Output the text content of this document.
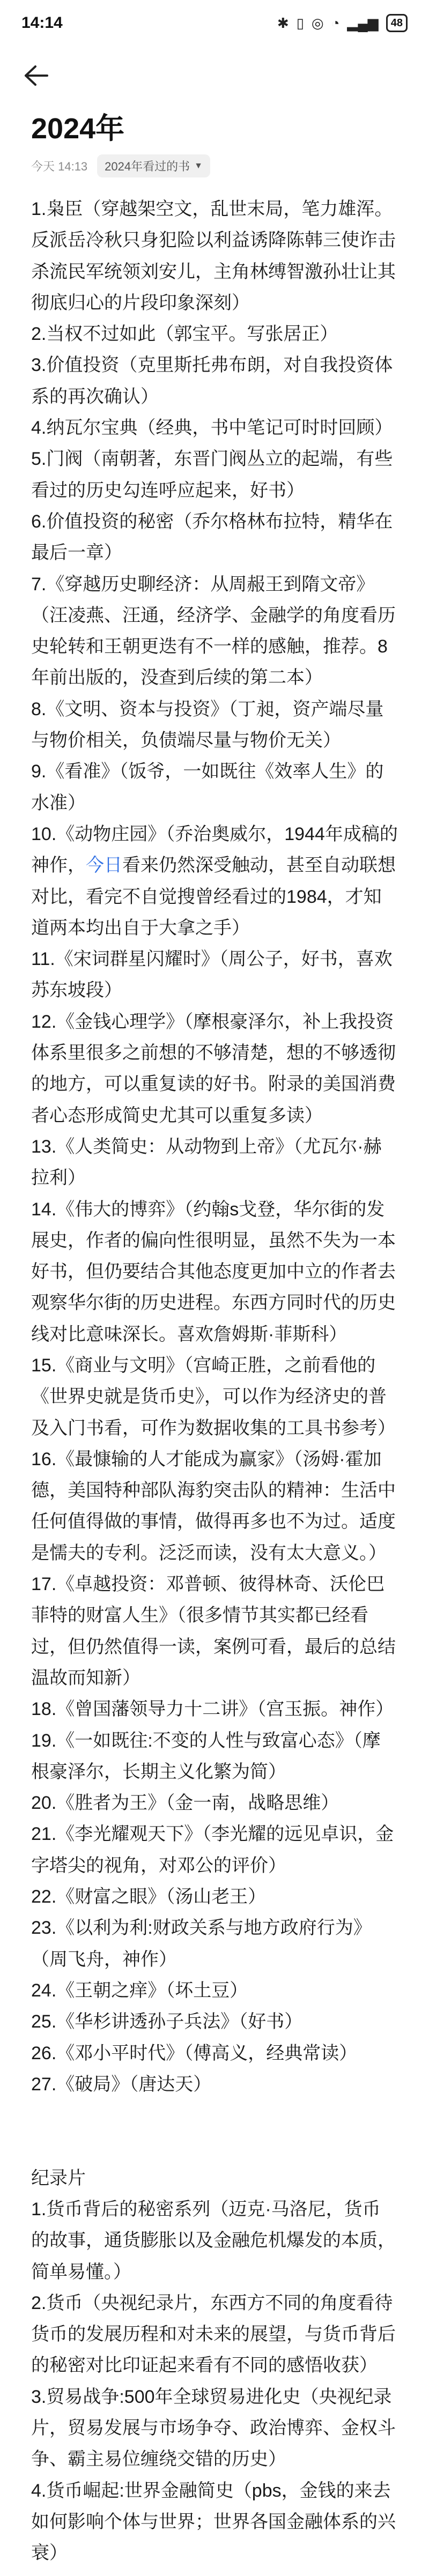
14:14	✱ ▯ ◎ ◔ ▂▄▆ 48
2024年
今天 14:13 2024年看过的书 ▼

1.枭臣（穿越架空文，乱世末局，笔力雄浑。反派岳冷秋只身犯险以利益诱降陈韩三使诈击杀流民军统领刘安儿，主角林缚智激孙壮让其彻底归心的片段印象深刻）

2.当权不过如此（郭宝平。写张居正）

3.价值投资（克里斯托弗布朗，对自我投资体系的再次确认）

4.纳瓦尔宝典（经典，书中笔记可时时回顾）

5.门阀（南朝著，东晋门阀丛立的起端，有些看过的历史勾连呼应起来，好书）

6.价值投资的秘密（乔尔格林布拉特，精华在最后一章）

7.《穿越历史聊经济：从周赧王到隋文帝》（汪凌燕、汪通，经济学、金融学的角度看历史轮转和王朝更迭有不一样的感触，推荐。8年前出版的，没查到后续的第二本）

8.《文明、资本与投资》（丁昶，资产端尽量与物价相关，负债端尽量与物价无关）

9.《看准》（饭爷，一如既往《效率人生》的水准）

10.《动物庄园》（乔治奥威尔，1944年成稿的神作，今日看来仍然深受触动，甚至自动联想对比，看完不自觉搜曾经看过的1984，才知道两本均出自于大拿之手）

11.《宋词群星闪耀时》（周公子，好书，喜欢苏东坡段）

12.《金钱心理学》（摩根豪泽尔，补上我投资体系里很多之前想的不够清楚，想的不够透彻的地方，可以重复读的好书。附录的美国消费者心态形成简史尤其可以重复多读）

13.《人类简史：从动物到上帝》（尤瓦尔·赫拉利）

14.《伟大的博弈》（约翰s戈登，华尔街的发展史，作者的偏向性很明显，虽然不失为一本好书，但仍要结合其他态度更加中立的作者去观察华尔街的历史进程。东西方同时代的历史线对比意味深长。喜欢詹姆斯·菲斯科）

15.《商业与文明》（宫崎正胜，之前看他的《世界史就是货币史》，可以作为经济史的普及入门书看，可作为数据收集的工具书参考）

16.《最慷输的人才能成为赢家》（汤姆·霍加德，美国特种部队海豹突击队的精神：生活中任何值得做的事情，做得再多也不为过。适度是懦夫的专利。泛泛而读，没有太大意义。）

17.《卓越投资：邓普顿、彼得林奇、沃伦巴菲特的财富人生》（很多情节其实都已经看过，但仍然值得一读，案例可看，最后的总结温故而知新）

18.《曾国藩领导力十二讲》（宫玉振。神作）

19.《一如既往:不变的人性与致富心态》（摩根豪泽尔，长期主义化繁为简）

20.《胜者为王》（金一南，战略思维）

21.《李光耀观天下》（李光耀的远见卓识，金字塔尖的视角，对邓公的评价）

22.《财富之眼》（汤山老王）

23.《以利为利:财政关系与地方政府行为》（周飞舟，神作）

24.《王朝之痒》（坏土豆）

25.《华杉讲透孙子兵法》（好书）

26.《邓小平时代》（傅高义，经典常读）

27.《破局》（唐达天）

纪录片

1.货币背后的秘密系列（迈克·马洛尼，货币的故事，通货膨胀以及金融危机爆发的本质，简单易懂。）

2.货币（央视纪录片，东西方不同的角度看待货币的发展历程和对未来的展望，与货币背后的秘密对比印证起来看有不同的感悟收获）

3.贸易战争:500年全球贸易进化史（央视纪录片，贸易发展与市场争夺、政治博弈、金权斗争、霸主易位缠绕交错的历史）

4.货币崛起:世界金融简史（pbs，金钱的来去如何影响个体与世界；世界各国金融体系的兴衰）
